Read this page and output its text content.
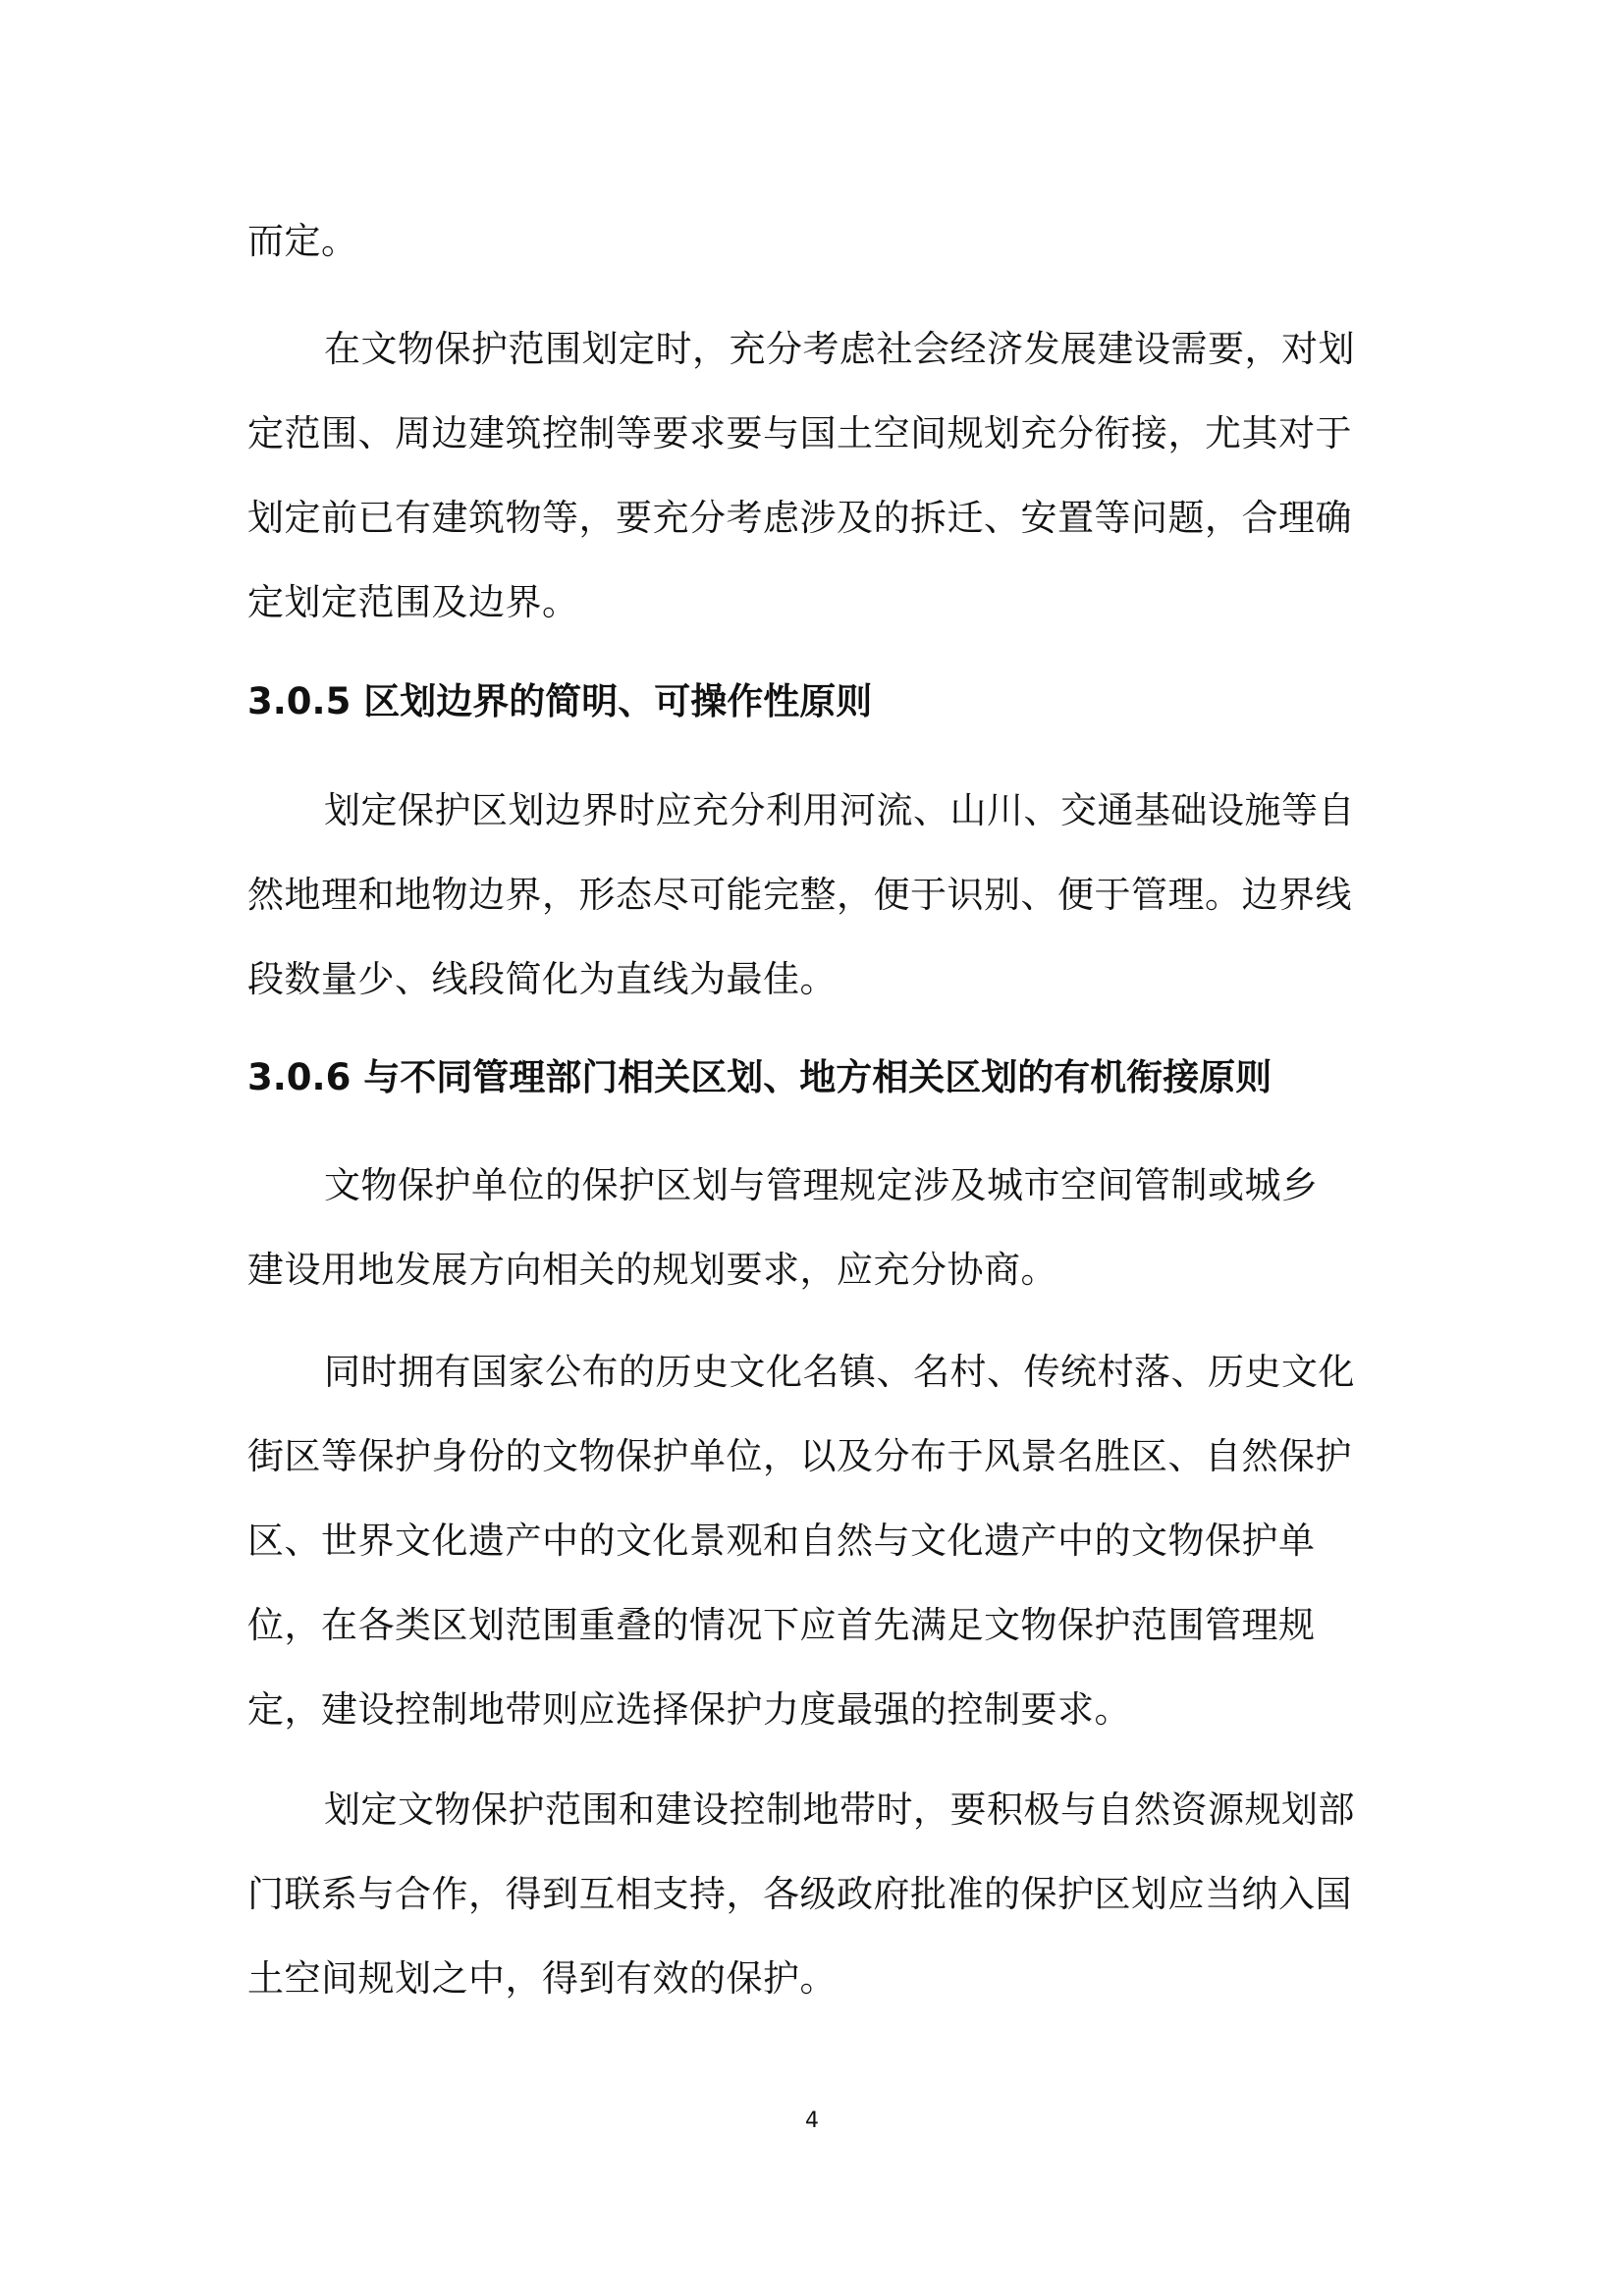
而定。
在文物保护范围划定时，充分考虑社会经济发展建设需要，对划
定范围、周边建筑控制等要求要与国土空间规划充分衔接，尤其对于
划定前已有建筑物等，要充分考虑涉及的拆迁、安置等问题，合理确
定划定范围及边界。
3.0.5 区划边界的简明、可操作性原则
划定保护区划边界时应充分利用河流、山川、交通基础设施等自
然地理和地物边界，形态尽可能完整，便于识别、便于管理。边界线
段数量少、线段简化为直线为最佳。
3.0.6 与不同管理部门相关区划、地方相关区划的有机衔接原则
文物保护单位的保护区划与管理规定涉及城市空间管制或城乡
建设用地发展方向相关的规划要求，应充分协商。
同时拥有国家公布的历史文化名镇、名村、传统村落、历史文化
街区等保护身份的文物保护单位，以及分布于风景名胜区、自然保护
区、世界文化遗产中的文化景观和自然与文化遗产中的文物保护单
位，在各类区划范围重叠的情况下应首先满足文物保护范围管理规
定，建设控制地带则应选择保护力度最强的控制要求。
划定文物保护范围和建设控制地带时，要积极与自然资源规划部
门联系与合作，得到互相支持，各级政府批准的保护区划应当纳入国
土空间规划之中，得到有效的保护。
4
